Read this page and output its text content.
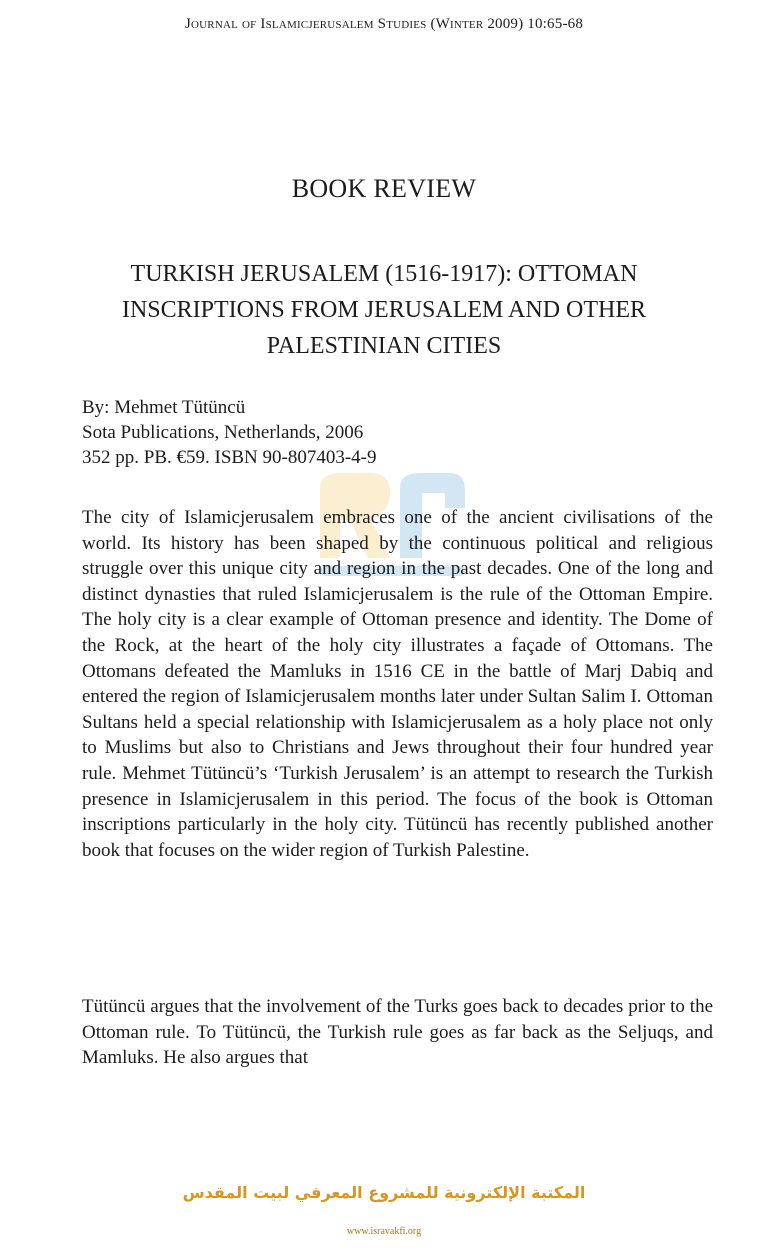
Journal of Islamicjerusalem Studies (Winter 2009) 10:65-68
BOOK REVIEW
TURKISH JERUSALEM (1516-1917): OTTOMAN
INSCRIPTIONS FROM JERUSALEM AND OTHER
PALESTINIAN CITIES
By: Mehmet Tütüncü
Sota Publications, Netherlands, 2006
352 pp. PB. €59. ISBN 90-807403-4-9

The city of Islamicjerusalem embraces one of the ancient civilisations of the world. Its history has been shaped by the continuous political and religious struggle over this unique city and region in the past decades. One of the long and distinct dynasties that ruled Islamicjerusalem is the rule of the Ottoman Empire. The holy city is a clear example of Ottoman presence and identity. The Dome of the Rock, at the heart of the holy city illustrates a façade of Ottomans. The Ottomans defeated the Mamluks in 1516 CE in the battle of Marj Dabiq and entered the region of Islamicjerusalem months later under Sultan Salim I. Ottoman Sultans held a special relationship with Islamicjerusalem as a holy place not only to Muslims but also to Christians and Jews throughout their four hundred year rule. Mehmet Tütüncü’s ‘Turkish Jerusalem’ is an attempt to research the Turkish presence in Islamicjerusalem in this period. The focus of the book is Ottoman inscriptions particularly in the holy city. Tütüncü has recently published another book that focuses on the wider region of Turkish Palestine.

Tütüncü argues that the involvement of the Turks goes back to decades prior to the Ottoman rule. To Tütüncü, the Turkish rule goes as far back as the Seljuqs, and Mamluks. He also argues that

المكتبة الإلكترونية للمشروع المعرفي لبيت المقدس
www.isravakfi.org
